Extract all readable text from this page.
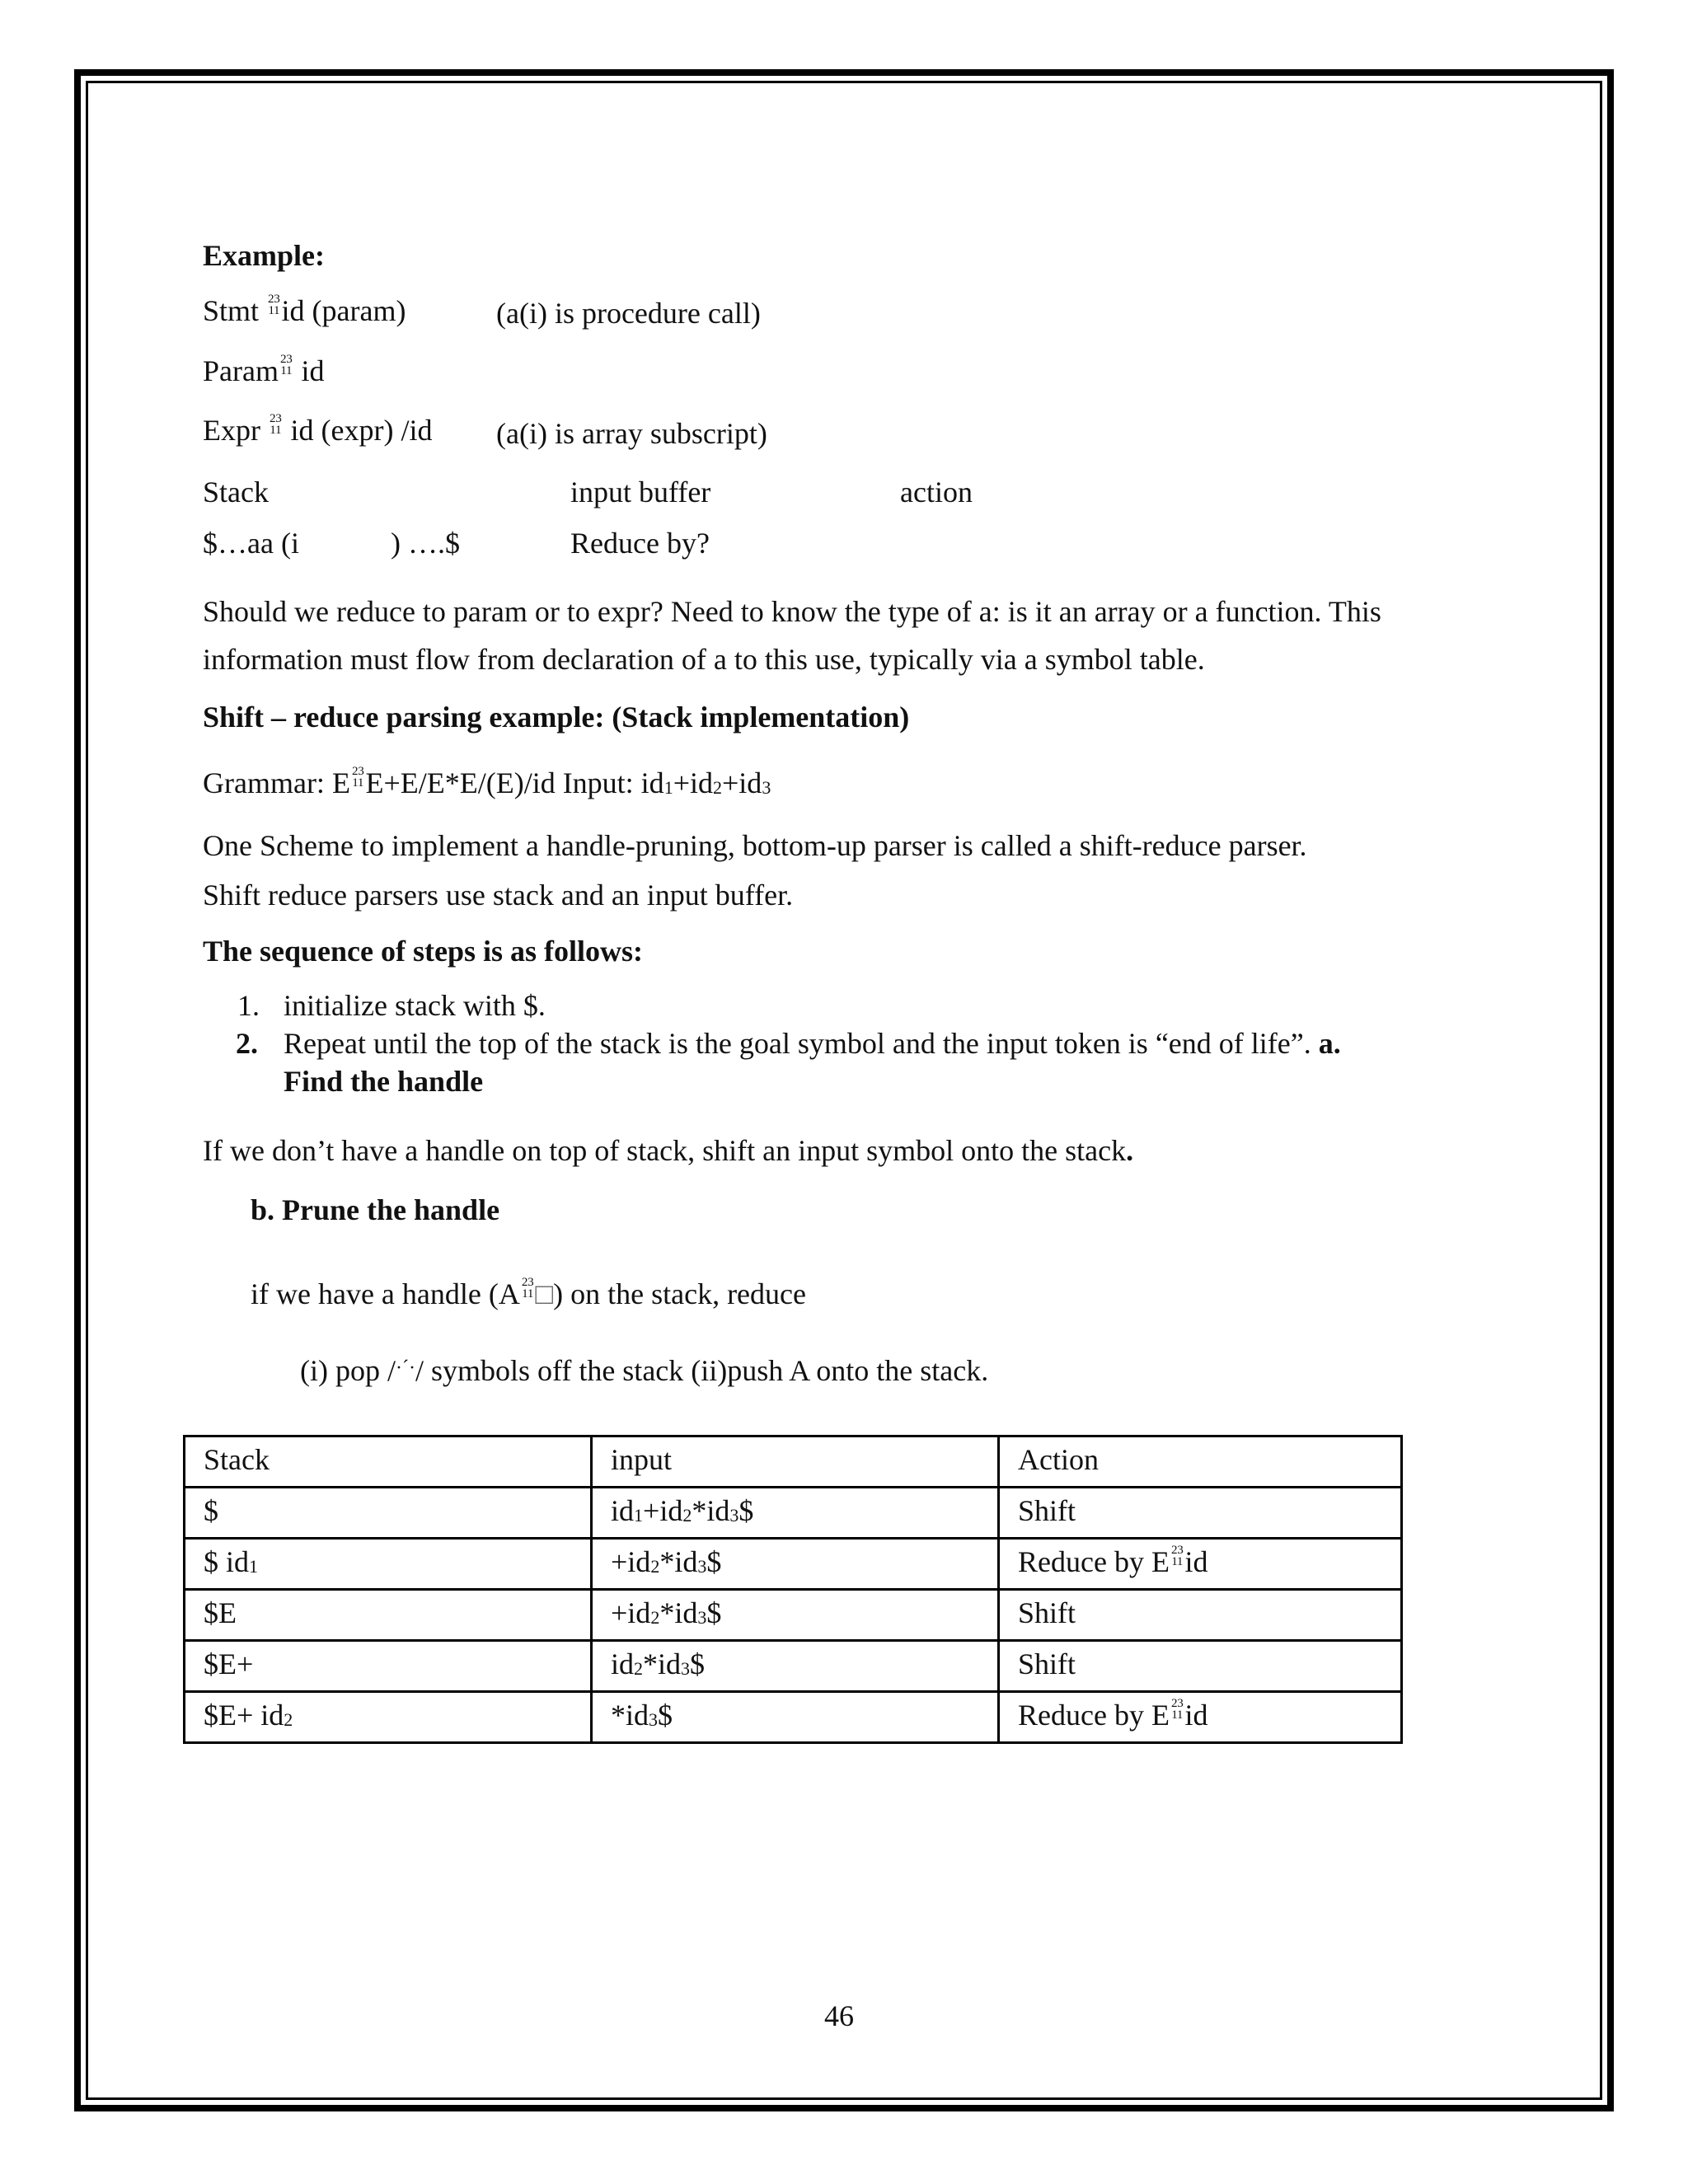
Example:
Stmt 23
11 id (param)	(a(i) is procedure call)
Param 23
11 id
Expr 23
11 id (expr) /id (a(i) is array subscript)
Stack	input buffer	action
$…aa (i	) ….$	Reduce by?
Should we reduce to param or to expr? Need to know the type of a: is it an array or a function. This
information must flow from declaration of a to this use, typically via a symbol table.
Shift – reduce parsing example: (Stack implementation)
Grammar: E 23
11 E+E/E*E/(E)/id Input: id1+id2+id3
One Scheme to implement a handle-pruning, bottom-up parser is called a shift-reduce parser.
Shift reduce parsers use stack and an input buffer.
The sequence of steps is as follows:
1. initialize stack with $.
2. Repeat until the top of the stack is the goal symbol and the input token is “end of life”. a.
Find the handle
If we don’t have a handle on top of stack, shift an input symbol onto the stack.
b. Prune the handle
if we have a handle (A 23
11 □) on the stack, reduce
(i) pop /·´·/ symbols off the stack (ii)push A onto the stack.
Stack	input	Action
$	id1+id2*id3$	Shift
$ id1	+id2*id3$	Reduce by E 23
11 id
$E	+id2*id3$	Shift
$E+	id2*id3$	Shift
$E+ id2	*id3$	Reduce by E 23
11 id
46
